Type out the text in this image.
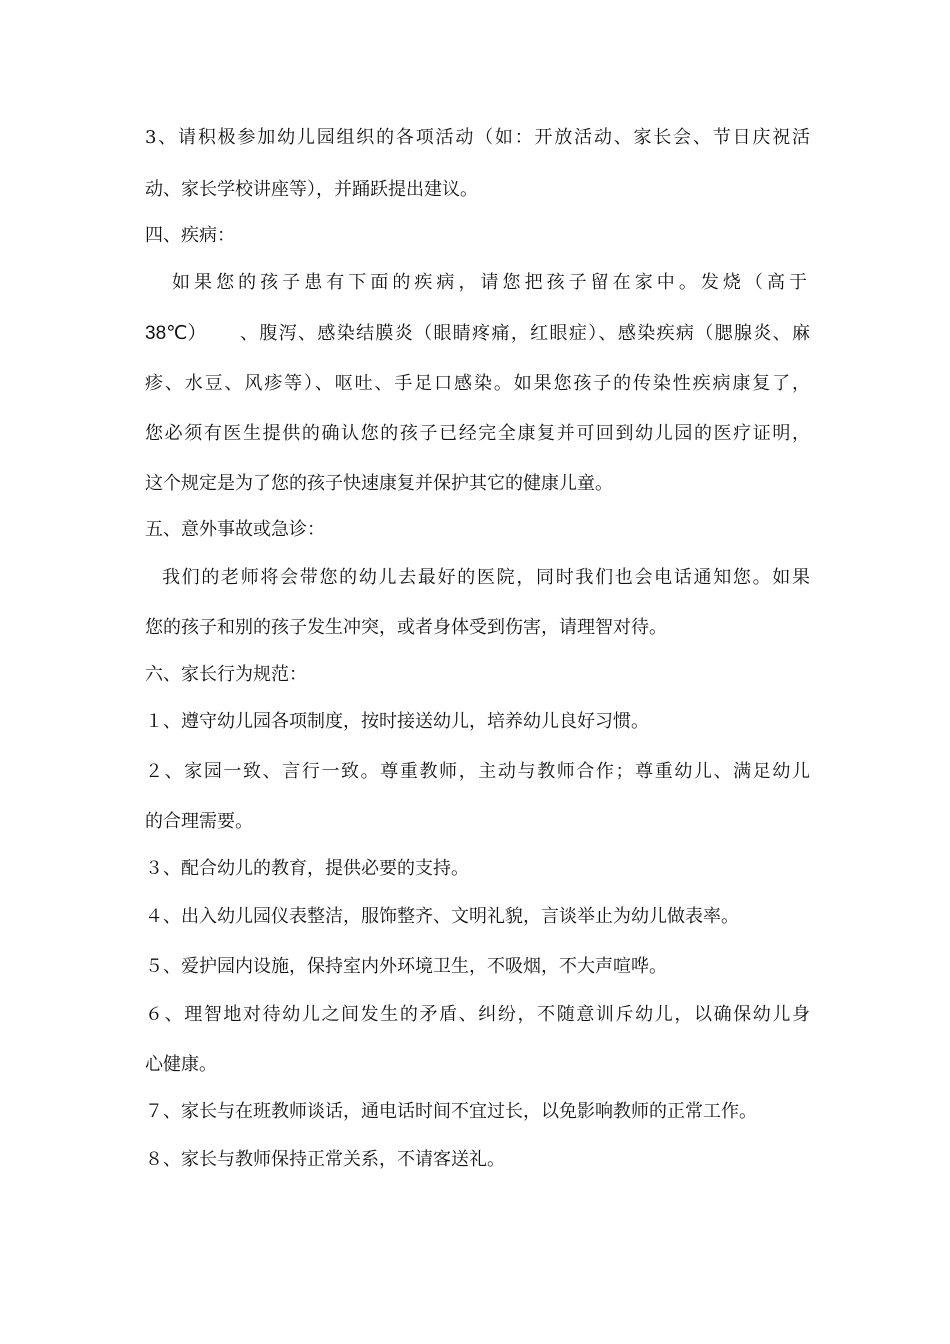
3、请积极参加幼儿园组织的各项活动（如：开放活动、家长会、节日庆祝活
动、家长学校讲座等），并踊跃提出建议。
四、疾病：
如果您的孩子患有下面的疾病，请您把孩子留在家中。发烧（高于
38℃）	、腹泻、感染结膜炎（眼睛疼痛，红眼症）、感染疾病（腮腺炎、麻
疹、水豆、风疹等）、呕吐、手足口感染。如果您孩子的传染性疾病康复了，
您必须有医生提供的确认您的孩子已经完全康复并可回到幼儿园的医疗证明，
这个规定是为了您的孩子快速康复并保护其它的健康儿童。
五、意外事故或急诊：
我们的老师将会带您的幼儿去最好的医院，同时我们也会电话通知您。如果
您的孩子和别的孩子发生冲突，或者身体受到伤害，请理智对待。
六、家长行为规范：
１、遵守幼儿园各项制度，按时接送幼儿，培养幼儿良好习惯。
２、家园一致、言行一致。尊重教师，主动与教师合作；尊重幼儿、满足幼儿
的合理需要。
３、配合幼儿的教育，提供必要的支持。
４、出入幼儿园仪表整洁，服饰整齐、文明礼貌，言谈举止为幼儿做表率。
５、爱护园内设施，保持室内外环境卫生，不吸烟，不大声喧哗。
６、理智地对待幼儿之间发生的矛盾、纠纷，不随意训斥幼儿，以确保幼儿身
心健康。
７、家长与在班教师谈话，通电话时间不宜过长，以免影响教师的正常工作。
８、家长与教师保持正常关系，不请客送礼。
